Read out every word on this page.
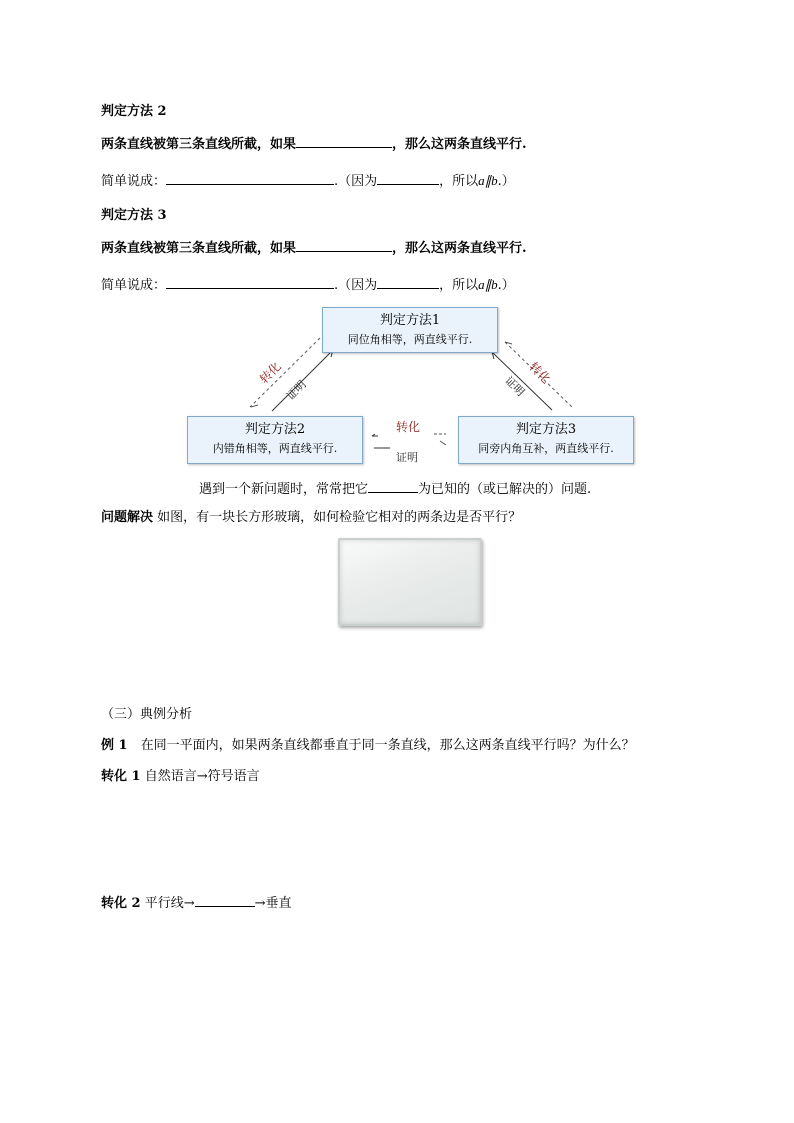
判定方法 2
两条直线被第三条直线所截，如果	，那么这两条直线平行.
简单说成：	.（因为	，所以a∥b.）
判定方法 3
两条直线被第三条直线所截，如果	，那么这两条直线平行.
简单说成：	.（因为	，所以a∥b.）
判定方法1
同位角相等，两直线平行.
判定方法2
内错角相等，两直线平行.
判定方法3
同旁内角互补，两直线平行.
转化
证明
转化
证明
转化
证明
遇到一个新问题时，常常把它	为已知的（或已解决的）问题.
问题解决 如图，有一块长方形玻璃，如何检验它相对的两条边是否平行？
（三）典例分析
例 1　在同一平面内，如果两条直线都垂直于同一条直线，那么这两条直线平行吗？为什么？
转化 1 自然语言→符号语言
转化 2 平行线→	→垂直
